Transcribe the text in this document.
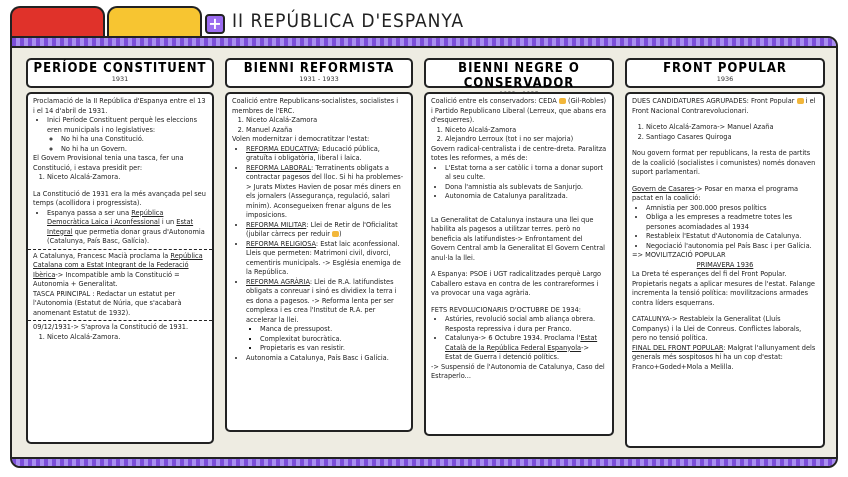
+ II REPÚBLICA D'ESPANYA
PERÍODE CONSTITUENT
1931

Proclamació de la II República d'Espanya entre el 13 i el 14 d'abril de 1931.

• Inici Període Constituent perquè les eleccions eren municipals i no legislatives:
◦ No hi ha una Constitució.
◦ No hi ha un Govern.

El Govern Provisional tenia una tasca, fer una Constitució, i estava presidit per:

1. Niceto Alcalá-Zamora.

La Constitució de 1931 era la més avançada pel seu temps (acollidora i progressista).

• Espanya passa a ser una República Democràtica Laica i Aconfessional i un Estat Integral que permetia donar graus d'Autonomia (Catalunya, País Basc, Galícia).

A Catalunya, Francesc Macià proclama la República Catalana com a Estat Integrant de la Federació Ibèrica-> Incompatible amb la Constitució = Autonomia + Generalitat.

TASCA PRINCIPAL : Redactar un estatut per l'Autonomia (Estatut de Núria, que s'acabarà anomenant Estatut de 1932).

09/12/1931-> S'aprova la Constitució de 1931.

1. Niceto Alcalá-Zamora.
BIENNI REFORMISTA
1931 - 1933

Coalició entre Republicans-socialistes, socialistes i membres de l'ERC.

1. Niceto Alcalá-Zamora
2. Manuel Azaña

Volen modernitzar i democratitzar l'estat:

• REFORMA EDUCATIVA: Educació pública, gratuïta i obligatòria, liberal i laica.
• REFORMA LABORAL: Terratinents obligats a contractar pagesos del lloc. Si hi ha problemes-> Jurats Mixtes Havien de posar més diners en els jornalers (Assegurança, regulació, salari mínim). Aconsegueixen frenar alguns de les imposicions.
• REFORMA MILITAR: Llei de Retir de l'Oficialitat (jubilar càrrecs per reduir )
• REFORMA RELIGIOSA: Estat laic aconfessional. Lleis que permeten: Matrimoni civil, divorci, cementiris municipals. -> Església enemiga de la República.
• REFORMA AGRÀRIA: Llei de R.A. latifundistes obligats a conreuar i sinó es dividiex la terra i es dona a pagesos. -> Reforma lenta per ser complexa i es crea l'Institut de R.A. per accelerar la llei.
▪ Manca de pressupost.
▪ Complexitat burocràtica.
▪ Propietaris es van resistir.
• Autonomia a Catalunya, País Basc i Galícia.
BIENNI NEGRE O CONSERVADOR

Coalició entre els conservadors: CEDA  (Gil-Robles) i Partido Republicano Liberal (Lerreux, que abans era d'esquerres).

1. Niceto Alcalá-Zamora
2. Alejandro Lerroux (tot i no ser majoria)

Govern radical-centralista i de centre-dreta. Paralitza totes les reformes, a més de:

• L'Estat torna a ser catòlic i torna a donar suport al seu culte.
• Dona l'amnistia als sublevats de Sanjurjo.
• Autonomia de Catalunya paralitzada.

La Generalitat de Catalunya instaura una llei que habilita als pagesos a utilitzar terres. però no beneficia als latifundistes-> Enfrontament del Govern Central amb la Generalitat El Govern Central anul·la la llei.

A Espanya: PSOE i UGT radicalitzades perquè Largo Caballero estava en contra de les contrareformes i va provocar una vaga agrària.

FETS REVOLUCIONARIS D'OCTUBRE DE 1934:

• Astúries, revolució social amb aliança obrera. Resposta repressiva i dura per Franco.
• Catalunya-> 6 Octubre 1934. Proclama l'Estat Català de la República Federal Espanyola-> Estat de Guerra i detenció polítics.

-> Suspensió de l'Autonomia de Catalunya, Caso del Estraperlo...

FRONT POPULAR
1936

DUES CANDIDATURES AGRUPADES: Front Popular  i el Front Nacional Contrarevolucionari.

1. Niceto Alcalá-Zamora-> Manuel Azaña
2. Santiago Casares Quiroga

Nou govern format per republicans, la resta de partits de la coalició (socialistes i comunistes) només donaven suport parlamentari.

Govern de Casares-> Posar en marxa el programa pactat en la coalició:

• Amnistia per 300.000 presos polítics
• Obliga a les empreses a readmetre totes les persones acomiadades al 1934
• Restableix l'Estatut d'Autonomia de Catalunya.
• Negociació l'autonomia pel País Basc i per Galícia.

=> MOVILITZACIÓ POPULAR

PRIMAVERA 1936

La Dreta té esperançes del fi del Front Popular. Propietaris negats a aplicar mesures de l'estat. Falange incrementa la tensió política: movilitzacions armades contra líders esquerrans.

CATALUNYA-> Restableix la Generalitat (Lluís Companys) i la Llei de Conreus. Conflictes laborals, pero no tensió política.

FINAL DEL FRONT POPULAR: Malgrat l'allunyament dels generals més sospitosos hi ha un cop d'estat: Franco+Goded+Mola a Melilla.
